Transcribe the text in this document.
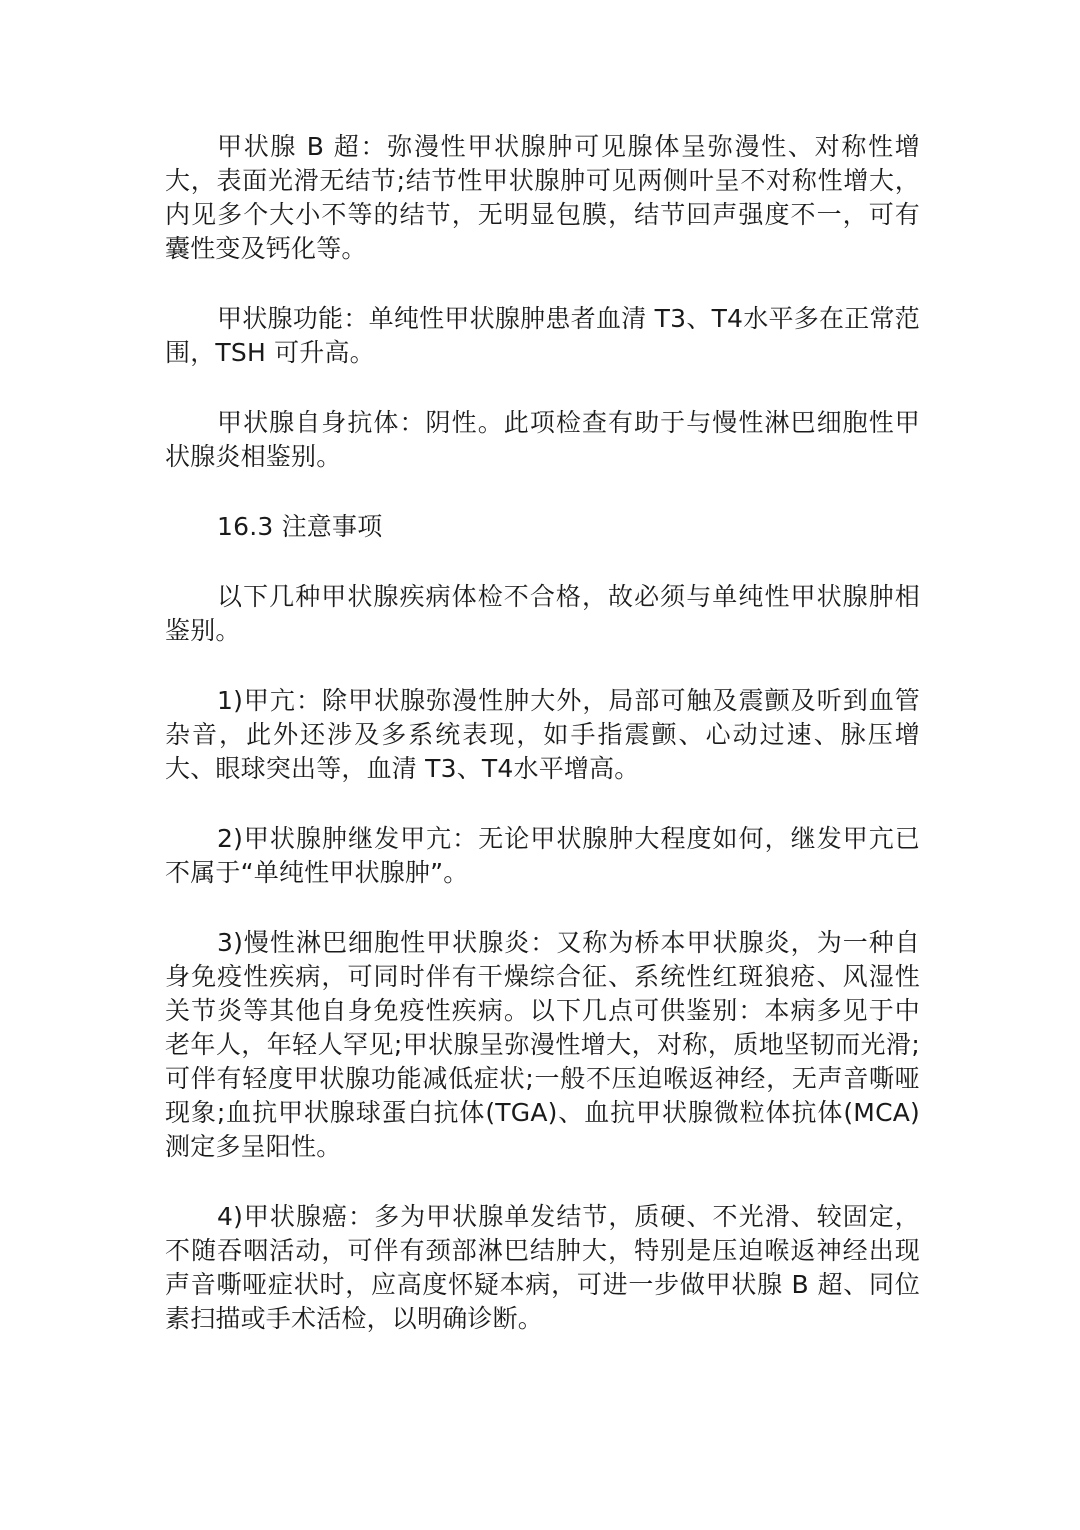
甲状腺 B 超：弥漫性甲状腺肿可见腺体呈弥漫性、对称性增大，表面光滑无结节;结节性甲状腺肿可见两侧叶呈不对称性增大，内见多个大小不等的结节，无明显包膜，结节回声强度不一，可有囊性变及钙化等。

甲状腺功能：单纯性甲状腺肿患者血清 T3、T4水平多在正常范围，TSH 可升高。

甲状腺自身抗体：阴性。此项检查有助于与慢性淋巴细胞性甲状腺炎相鉴别。

16.3 注意事项

以下几种甲状腺疾病体检不合格，故必须与单纯性甲状腺肿相鉴别。

1)甲亢：除甲状腺弥漫性肿大外，局部可触及震颤及听到血管杂音，此外还涉及多系统表现，如手指震颤、心动过速、脉压增大、眼球突出等，血清 T3、T4水平增高。

2)甲状腺肿继发甲亢：无论甲状腺肿大程度如何，继发甲亢已不属于“单纯性甲状腺肿”。

3)慢性淋巴细胞性甲状腺炎：又称为桥本甲状腺炎，为一种自身免疫性疾病，可同时伴有干燥综合征、系统性红斑狼疮、风湿性关节炎等其他自身免疫性疾病。以下几点可供鉴别：本病多见于中老年人，年轻人罕见;甲状腺呈弥漫性增大，对称，质地坚韧而光滑;可伴有轻度甲状腺功能减低症状;一般不压迫喉返神经，无声音嘶哑现象;血抗甲状腺球蛋白抗体(TGA)、血抗甲状腺微粒体抗体(MCA)测定多呈阳性。

4)甲状腺癌：多为甲状腺单发结节，质硬、不光滑、较固定，不随吞咽活动，可伴有颈部淋巴结肿大，特别是压迫喉返神经出现声音嘶哑症状时，应高度怀疑本病，可进一步做甲状腺 B 超、同位素扫描或手术活检，以明确诊断。
